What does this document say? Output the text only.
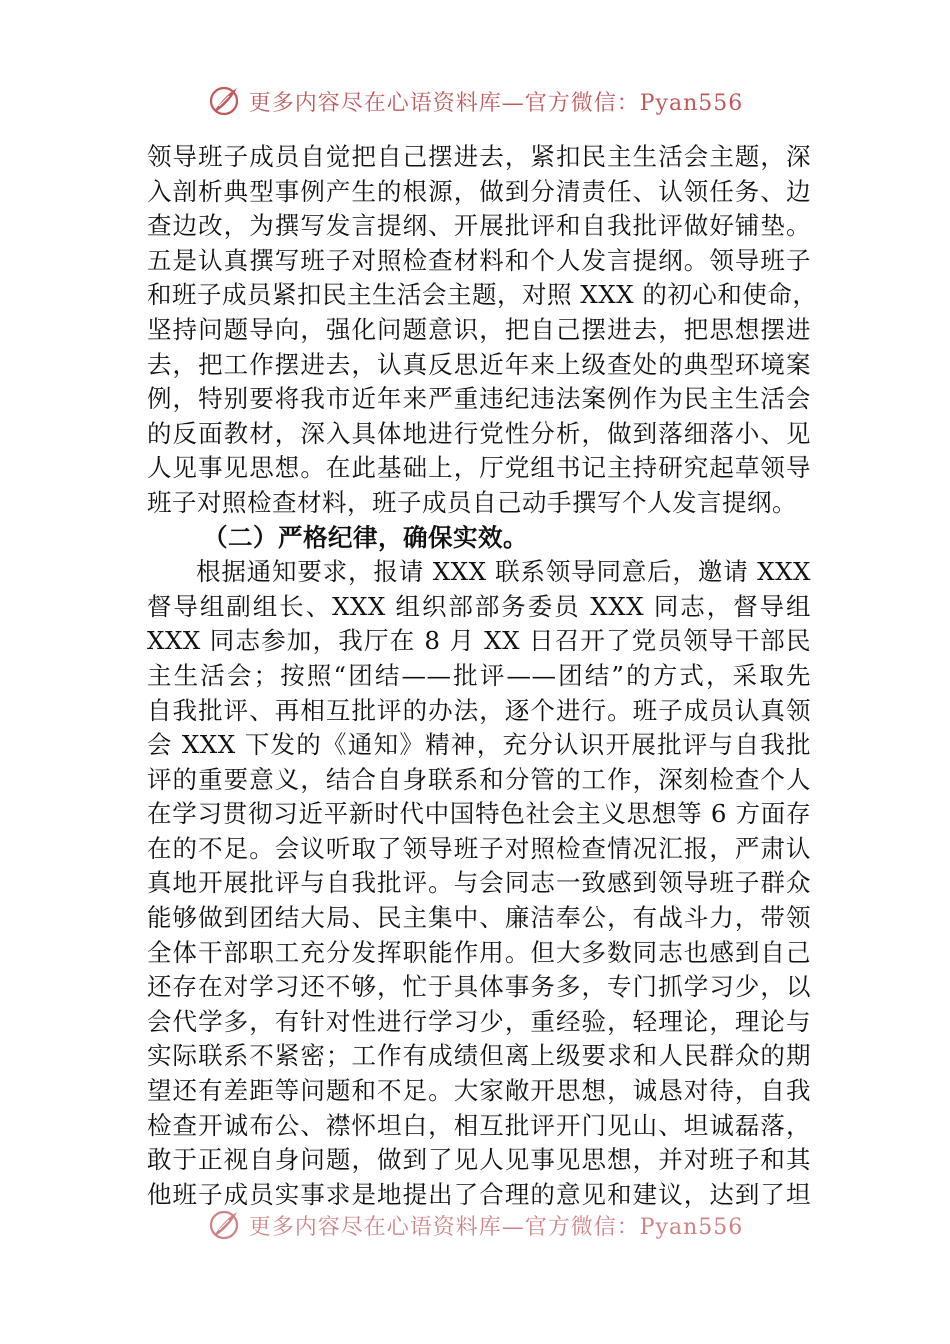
更多内容尽在心语资料库—官方微信：Pyan556
领导班子成员自觉把自己摆进去，紧扣民主生活会主题，深
入剖析典型事例产生的根源，做到分清责任、认领任务、边
查边改，为撰写发言提纲、开展批评和自我批评做好铺垫。
五是认真撰写班子对照检查材料和个人发言提纲。领导班子
和班子成员紧扣民主生活会主题，对照 XXX 的初心和使命，
坚持问题导向，强化问题意识，把自己摆进去，把思想摆进
去，把工作摆进去，认真反思近年来上级查处的典型环境案
例，特别要将我市近年来严重违纪违法案例作为民主生活会
的反面教材，深入具体地进行党性分析，做到落细落小、见
人见事见思想。在此基础上，厅党组书记主持研究起草领导
班子对照检查材料，班子成员自己动手撰写个人发言提纲。
（二）严格纪律，确保实效。
根据通知要求，报请 XXX 联系领导同意后，邀请 XXX
督导组副组长、XXX 组织部部务委员 XXX 同志，督导组
XXX 同志参加，我厅在 8 月 XX 日召开了党员领导干部民
主生活会；按照“团结——批评——团结”的方式，采取先
自我批评、再相互批评的办法，逐个进行。班子成员认真领
会 XXX 下发的《通知》精神，充分认识开展批评与自我批
评的重要意义，结合自身联系和分管的工作，深刻检查个人
在学习贯彻习近平新时代中国特色社会主义思想等 6 方面存
在的不足。会议听取了领导班子对照检查情况汇报，严肃认
真地开展批评与自我批评。与会同志一致感到领导班子群众
能够做到团结大局、民主集中、廉洁奉公，有战斗力，带领
全体干部职工充分发挥职能作用。但大多数同志也感到自己
还存在对学习还不够，忙于具体事务多，专门抓学习少，以
会代学多，有针对性进行学习少，重经验，轻理论，理论与
实际联系不紧密；工作有成绩但离上级要求和人民群众的期
望还有差距等问题和不足。大家敞开思想，诚恳对待，自我
检查开诚布公、襟怀坦白，相互批评开门见山、坦诚磊落，
敢于正视自身问题，做到了见人见事见思想，并对班子和其
他班子成员实事求是地提出了合理的意见和建议，达到了坦
更多内容尽在心语资料库—官方微信：Pyan556
